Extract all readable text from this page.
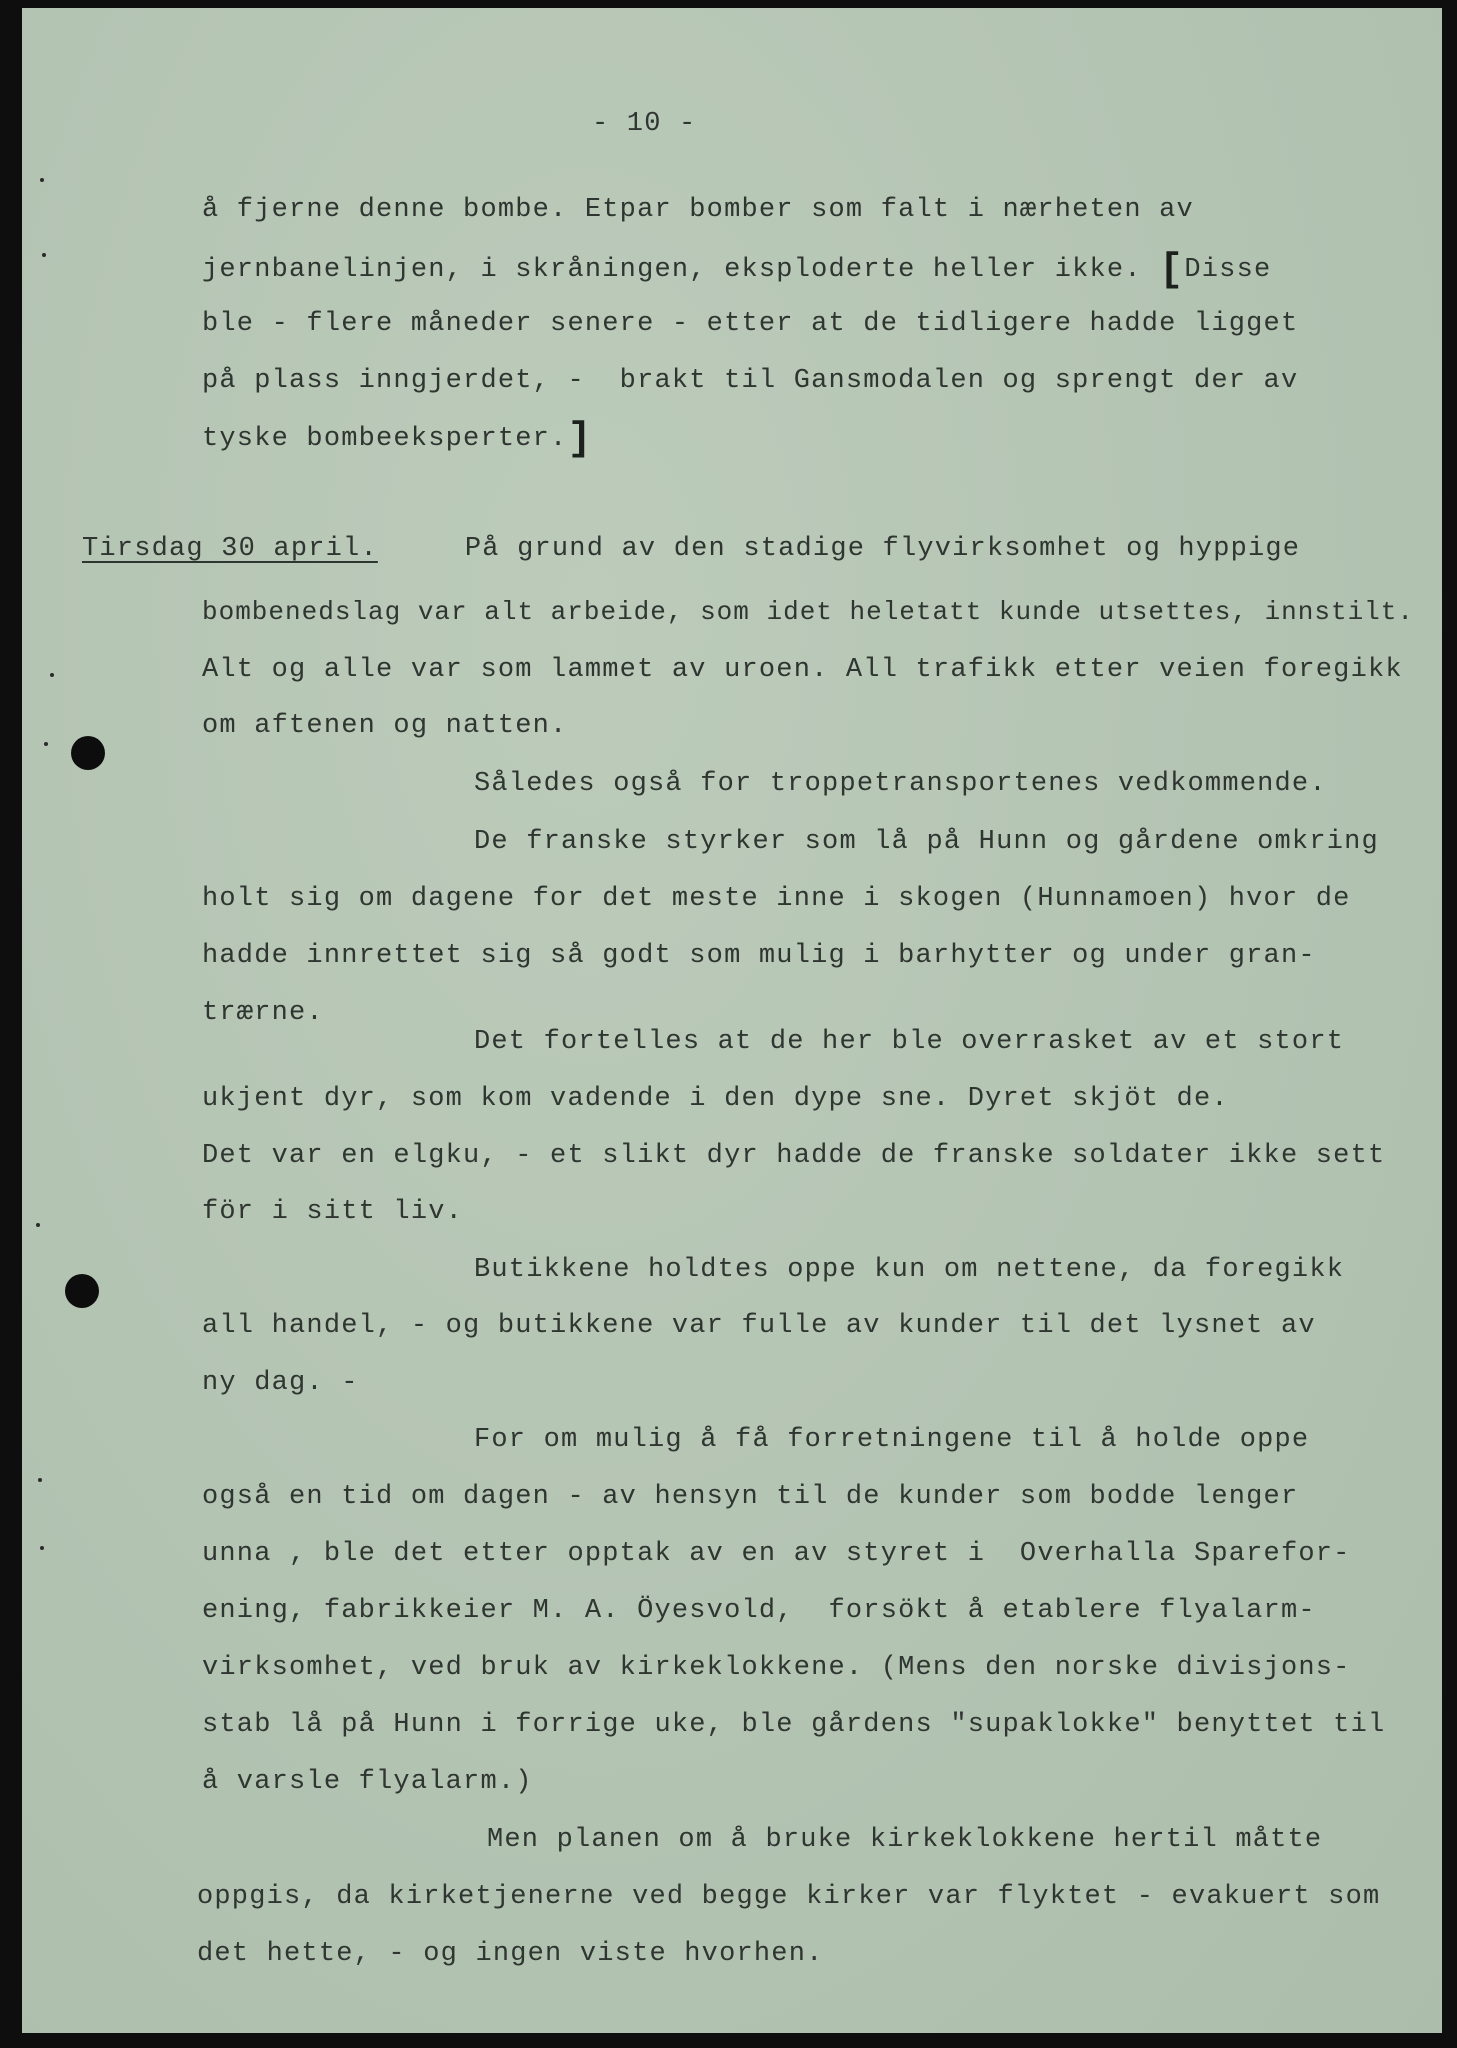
- 10 -
å fjerne denne bombe. Etpar bomber som falt i nærheten av
jernbanelinjen, i skråningen, eksploderte heller ikke. [Disse
ble - flere måneder senere - etter at de tidligere hadde ligget
på plass inngjerdet, -  brakt til Gansmodalen og sprengt der av
tyske bombeeksperter.]
Tirsdag 30 april.	På grund av den stadige flyvirksomhet og hyppige
bombenedslag var alt arbeide, som idet heletatt kunde utsettes, innstilt.
Alt og alle var som lammet av uroen. All trafikk etter veien foregikk
om aftenen og natten.
Således også for troppetransportenes vedkommende.
De franske styrker som lå på Hunn og gårdene omkring
holt sig om dagene for det meste inne i skogen (Hunnamoen) hvor de
hadde innrettet sig så godt som mulig i barhytter og under gran-
trærne.
Det fortelles at de her ble overrasket av et stort
ukjent dyr, som kom vadende i den dype sne. Dyret skjöt de.
Det var en elgku, - et slikt dyr hadde de franske soldater ikke sett
för i sitt liv.
Butikkene holdtes oppe kun om nettene, da foregikk
all handel, - og butikkene var fulle av kunder til det lysnet av
ny dag. -
For om mulig å få forretningene til å holde oppe
også en tid om dagen - av hensyn til de kunder som bodde lenger
unna , ble det etter opptak av en av styret i  Overhalla Sparefor-
ening, fabrikkeier M. A. Öyesvold,  forsökt å etablere flyalarm-
virksomhet, ved bruk av kirkeklokkene. (Mens den norske divisjons-
stab lå på Hunn i forrige uke, ble gårdens "supaklokke" benyttet til
å varsle flyalarm.)
Men planen om å bruke kirkeklokkene hertil måtte
oppgis, da kirketjenerne ved begge kirker var flyktet - evakuert som
det hette, - og ingen viste hvorhen.
